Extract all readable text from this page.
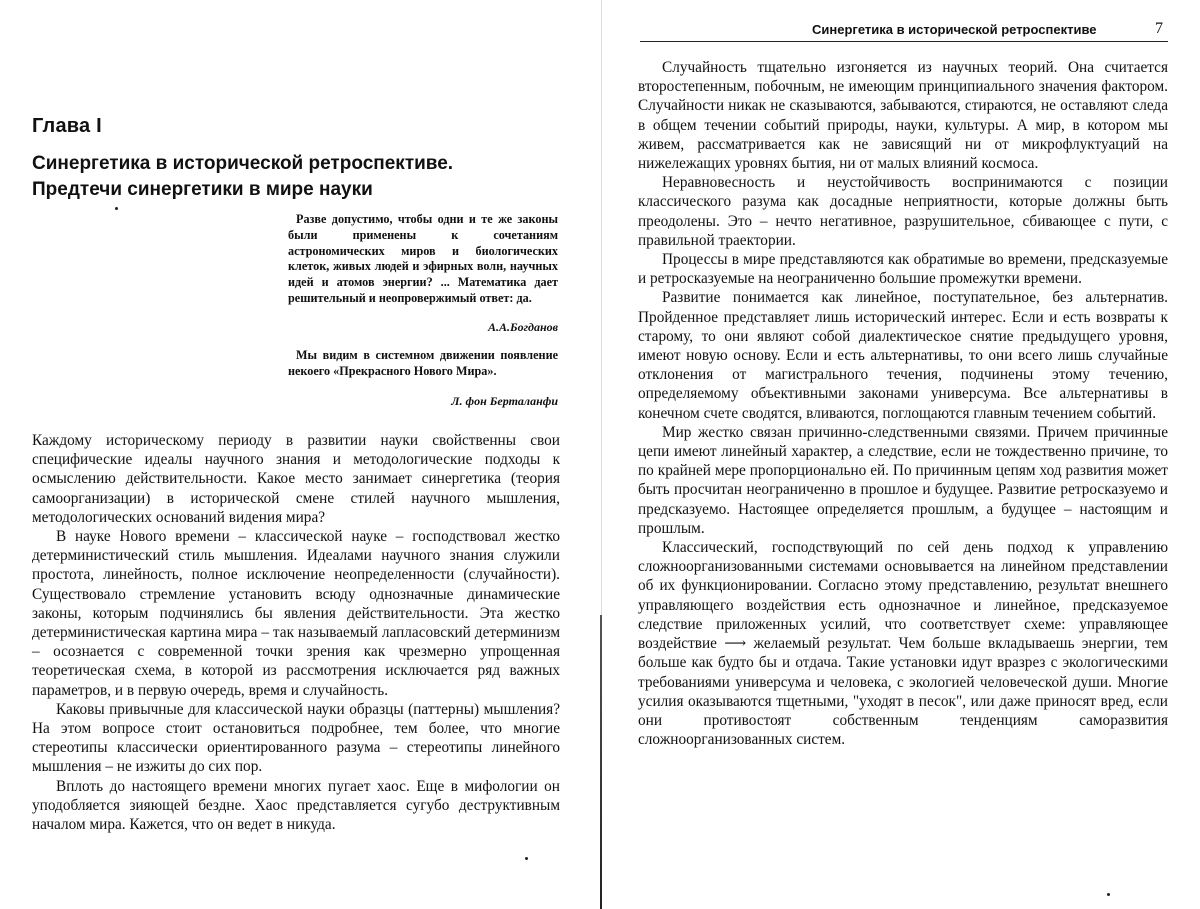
Глава I
Синергетика в исторической ретроспективе.
Предтечи синергетики в мире науки
Разве допустимо, чтобы одни и те же законы были применены к сочетаниям астрономических миров и биологических клеток, живых людей и эфирных волн, научных идей и атомов энергии? ... Математика дает решительный и неопровержимый ответ: да.
А.А.Богданов
Мы видим в системном движении появление некоего «Прекрасного Нового Мира».
Л. фон Берталанфи

Каждому историческому периоду в развитии науки свойственны свои специфические идеалы научного знания и методологические подходы к осмыслению действительности. Какое место занимает синергетика (теория самоорганизации) в исторической смене стилей научного мышления, методологических оснований видения мира?

В науке Нового времени – классической науке – господствовал жестко детерминистический стиль мышления. Идеалами научного знания служили простота, линейность, полное исключение неопределенности (случайности). Существовало стремление установить всюду однозначные динамические законы, которым подчинялись бы явления действительности. Эта жестко детерминистическая картина мира – так называемый лапласовский детерминизм – осознается с современной точки зрения как чрезмерно упрощенная теоретическая схема, в которой из рассмотрения исключается ряд важных параметров, и в первую очередь, время и случайность.

Каковы привычные для классической науки образцы (паттерны) мышления? На этом вопросе стоит остановиться подробнее, тем более, что многие стереотипы классически ориентированного разума – стереотипы линейного мышления – не изжиты до сих пор.

Вплоть до настоящего времени многих пугает хаос. Еще в мифологии он уподобляется зияющей бездне. Хаос представляется сугубо деструктивным началом мира. Кажется, что он ведет в никуда.

Синергетика в исторической ретроспективе	7

Случайность тщательно изгоняется из научных теорий. Она считается второстепенным, побочным, не имеющим принципиального значения фактором. Случайности никак не сказываются, забываются, стираются, не оставляют следа в общем течении событий природы, науки, культуры. А мир, в котором мы живем, рассматривается как не зависящий ни от микрофлуктуаций на нижележащих уровнях бытия, ни от малых влияний космоса.

Неравновесность и неустойчивость воспринимаются с позиции классического разума как досадные неприятности, которые должны быть преодолены. Это – нечто негативное, разрушительное, сбивающее с пути, с правильной траектории.

Процессы в мире представляются как обратимые во времени, предсказуемые и ретросказуемые на неограниченно большие промежутки времени.

Развитие понимается как линейное, поступательное, без альтернатив. Пройденное представляет лишь исторический интерес. Если и есть возвраты к старому, то они являют собой диалектическое снятие предыдущего уровня, имеют новую основу. Если и есть альтернативы, то они всего лишь случайные отклонения от магистрального течения, подчинены этому течению, определяемому объективными законами универсума. Все альтернативы в конечном счете сводятся, вливаются, поглощаются главным течением событий.

Мир жестко связан причинно-следственными связями. Причем причинные цепи имеют линейный характер, а следствие, если не тождественно причине, то по крайней мере пропорционально ей. По причинным цепям ход развития может быть просчитан неограниченно в прошлое и будущее. Развитие ретросказуемо и предсказуемо. Настоящее определяется прошлым, а будущее – настоящим и прошлым.

Классический, господствующий по сей день подход к управлению сложноорганизованными системами основывается на линейном представлении об их функционировании. Согласно этому представлению, результат внешнего управляющего воздействия есть однозначное и линейное, предсказуемое следствие приложенных усилий, что соответствует схеме: управляющее воздействие ⟶ желаемый результат. Чем больше вкладываешь энергии, тем больше как будто бы и отдача. Такие установки идут вразрез с экологическими требованиями универсума и человека, с экологией человеческой души. Многие усилия оказываются тщетными, "уходят в песок", или даже приносят вред, если они противостоят собственным тенденциям саморазвития сложноорганизованных систем.
